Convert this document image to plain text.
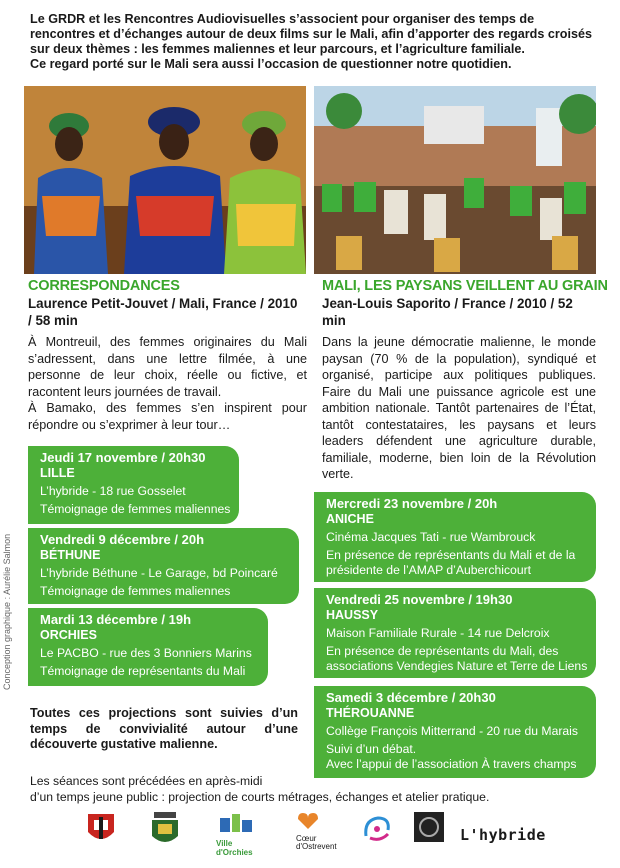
Le GRDR et les Rencontres Audiovisuelles s’associent pour organiser des temps de rencontres et d’échanges autour de deux films sur le Mali, afin d’apporter des regards croisés sur deux thèmes : les femmes maliennes et leur parcours, et l’agriculture familiale.

Ce regard porté sur le Mali sera aussi l’occasion de questionner notre quotidien.

CORRESPONDANCES
Laurence Petit-Jouvet / Mali, France / 2010 / 58 min

À Montreuil, des femmes originaires du Mali s’adressent, dans une lettre filmée, à une personne de leur choix, réelle ou fictive, et racontent leurs journées de travail.

À Bamako, des femmes s’en inspirent pour répondre ou s’exprimer à leur tour…

Jeudi 17 novembre / 20h30
LILLE
L’hybride - 18 rue Gosselet
Témoignage de femmes maliennes
Vendredi 9 décembre / 20h
BÉTHUNE
L’hybride Béthune - Le Garage, bd Poincaré
Témoignage de femmes maliennes
Mardi 13 décembre / 19h
ORCHIES
Le PACBO - rue des 3 Bonniers Marins
Témoignage de représentants du Mali
MALI, LES PAYSANS VEILLENT AU GRAIN
Jean-Louis Saporito / France / 2010 / 52 min
Dans la jeune démocratie malienne, le monde paysan (70 % de la population), syndiqué et organisé, participe aux politiques publiques. Faire du Mali une puissance agricole est une ambition nationale. Tantôt partenaires de l’État, tantôt contestataires, les paysans et leurs leaders défendent une agriculture durable, familiale, moderne, bien loin de la Révolution verte.
Mercredi 23 novembre / 20h
ANICHE
Cinéma Jacques Tati - rue Wambrouck
En présence de représentants du Mali et de la présidente de l’AMAP d’Auberchicourt
Vendredi 25 novembre / 19h30
HAUSSY
Maison Familiale Rurale - 14 rue Delcroix
En présence de représentants du Mali, des associations Vendegies Nature et Terre de Liens
Samedi 3 décembre / 20h30
THÉROUANNE
Collège François Mitterrand - 20 rue du Marais
Suivi d’un débat.
Avec l’appui de l’association À travers champs
Toutes ces projections sont suivies d’un temps de convivialité autour d’une découverte gustative malienne.
Les séances sont précédées en après-midi
d’un temps jeune public : projection de courts métrages, échanges et atelier pratique.
Conception graphique : Aurélie Salmon
Ville d'Orchies
Cœur
d'Ostrevent
L'hybride
